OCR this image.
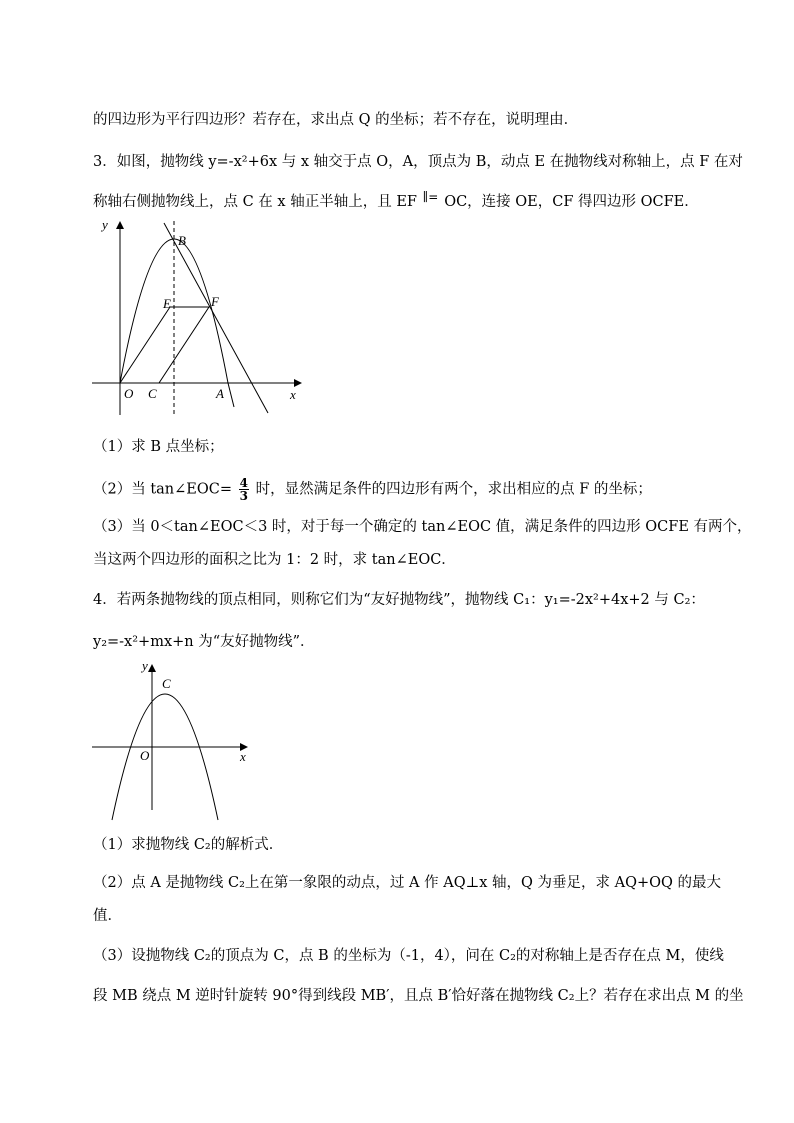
的四边形为平行四边形？若存在，求出点 Q 的坐标；若不存在，说明理由．
3．如图，抛物线 y=-x²+6x 与 x 轴交于点 O，A，顶点为 B，动点 E 在抛物线对称轴上，点 F 在对
称轴右侧抛物线上，点 C 在 x 轴正半轴上，且 EF ∥= OC，连接 OE，CF 得四边形 OCFE．
y
x
O C	A
B
E	F
（1）求 B 点坐标；
（2）当 tan∠EOC= $\frac{4}{3}$ 时，显然满足条件的四边形有两个，求出相应的点 F 的坐标；
（3）当 0＜tan∠EOC＜3 时，对于每一个确定的 tan∠EOC 值，满足条件的四边形 OCFE 有两个，
当这两个四边形的面积之比为 1：2 时，求 tan∠EOC．
4．若两条抛物线的顶点相同，则称它们为“友好抛物线”，抛物线 C₁：y₁=-2x²+4x+2 与 C₂：
y₂=-x²+mx+n 为“友好抛物线”．
y
x
O
C
（1）求抛物线 C₂的解析式．
（2）点 A 是抛物线 C₂上在第一象限的动点，过 A 作 AQ⊥x 轴，Q 为垂足，求 AQ+OQ 的最大
值．
（3）设抛物线 C₂的顶点为 C，点 B 的坐标为（-1，4），问在 C₂的对称轴上是否存在点 M，使线
段 MB 绕点 M 逆时针旋转 90°得到线段 MB′，且点 B′恰好落在抛物线 C₂上？若存在求出点 M 的坐
